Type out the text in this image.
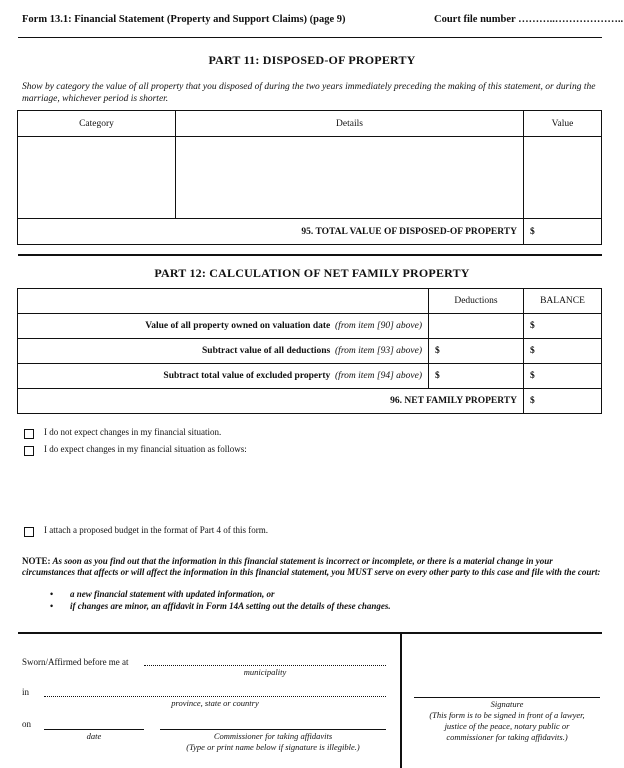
Form 13.1: Financial Statement (Property and Support Claims) (page 9)	Court file number ………..………………..
PART 11: DISPOSED-OF PROPERTY
Show by category the value of all property that you disposed of during the two years immediately preceding the making of this statement, or during the marriage, whichever period is shorter.
Category	Details	Value

95. TOTAL VALUE OF DISPOSED-OF PROPERTY		$
PART 12: CALCULATION OF NET FAMILY PROPERTY
	Deductions	BALANCE
Value of all property owned on valuation date (from item [90] above)		$
Subtract value of all deductions (from item [93] above)	$	$
Subtract total value of excluded property (from item [94] above)	$	$
96. NET FAMILY PROPERTY		$
I do not expect changes in my financial situation.
I do expect changes in my financial situation as follows:
I attach a proposed budget in the format of Part 4 of this form.
NOTE: As soon as you find out that the information in this financial statement is incorrect or incomplete, or there is a material change in your circumstances that affects or will affect the information in this financial statement, you MUST serve on every other party to this case and file with the court:
• a new financial statement with updated information, or
• if changes are minor, an affidavit in Form 14A setting out the details of these changes.
Sworn/Affirmed before me at
municipality
in
province, state or country
on
date	Commissioner for taking affidavits
(Type or print name below if signature is illegible.)
Signature
(This form is to be signed in front of a lawyer,
justice of the peace, notary public or
commissioner for taking affidavits.)
